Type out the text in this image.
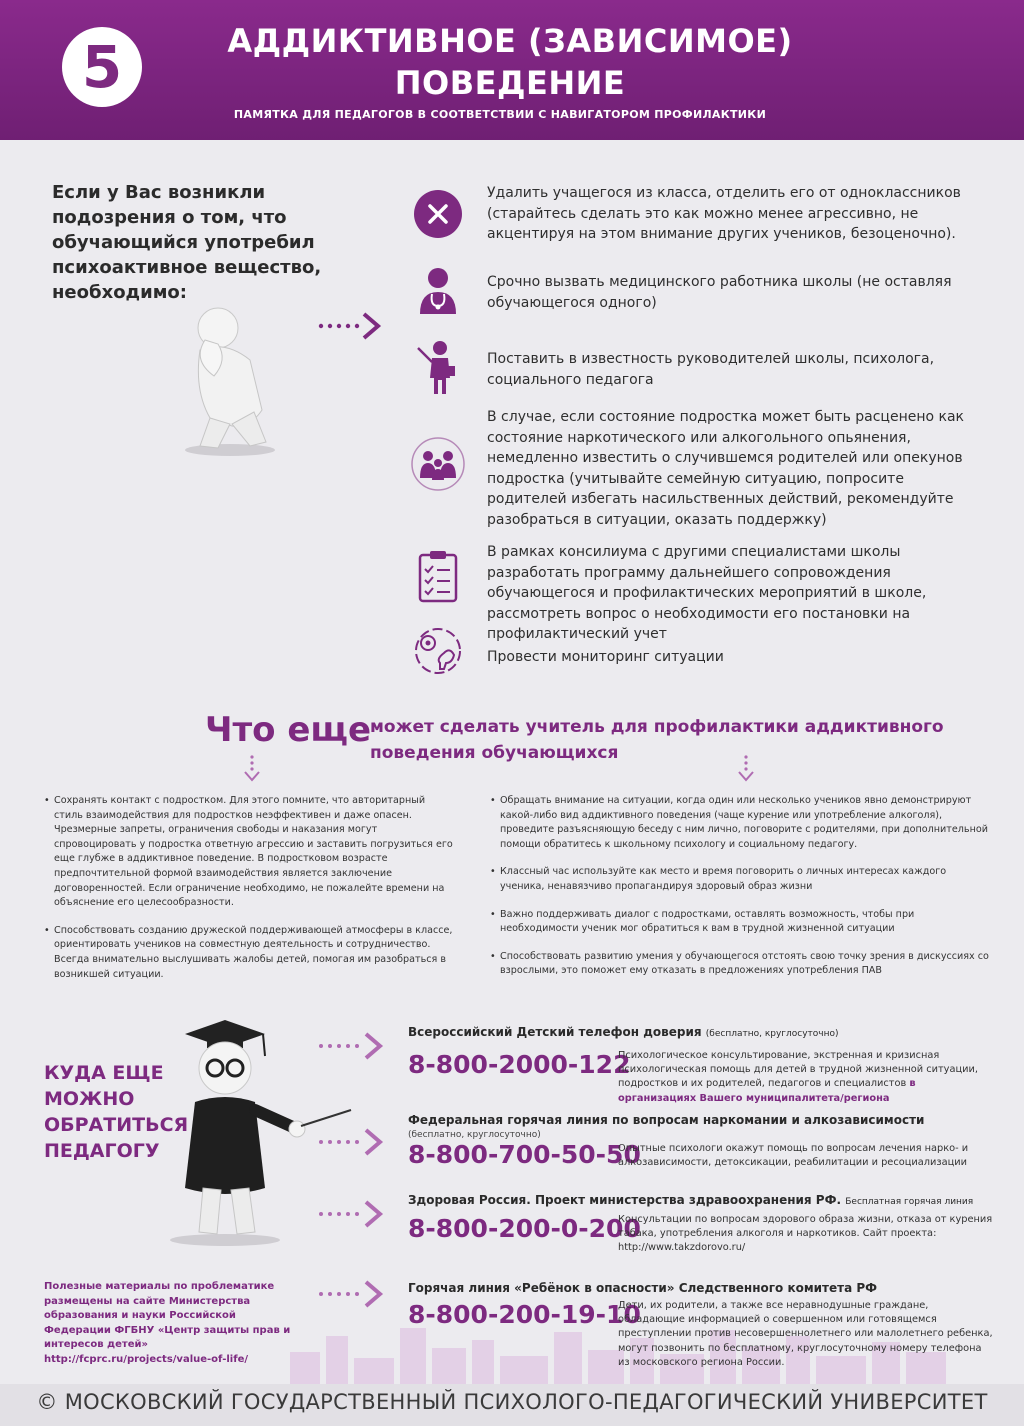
5	АДДИКТИВНОЕ (ЗАВИСИМОЕ)
ПОВЕДЕНИЕ
ПАМЯТКА ДЛЯ ПЕДАГОГОВ В СООТВЕТСТВИИ С НАВИГАТОРОМ ПРОФИЛАКТИКИ
Если у Вас возникли подозрения о том, что обучающийся употребил психоактивное вещество, необходимо:
Удалить учащегося из класса, отделить его от одноклассников (старайтесь сделать это как можно менее агрессивно, не акцентируя на этом внимание других учеников, безоценочно).
Срочно вызвать медицинского работника школы (не оставляя обучающегося одного)
Поставить в известность руководителей школы, психолога, социального педагога
В случае, если состояние подростка может быть расценено как состояние наркотического или алкогольного опьянения, немедленно известить о случившемся родителей или опекунов подростка (учитывайте семейную ситуацию, попросите родителей избегать насильственных действий, рекомендуйте разобраться в ситуации, оказать поддержку)
В рамках консилиума с другими специалистами школы разработать программу дальнейшего сопровождения обучающегося и профилактических мероприятий в школе, рассмотреть вопрос о необходимости его постановки на профилактический учет
Провести мониторинг ситуации
Что еще
может сделать учитель для профилактики аддиктивного поведения обучающихся
• Сохранять контакт с подростком. Для этого помните, что авторитарный стиль взаимодействия для подростков неэффективен и даже опасен. Чрезмерные запреты, ограничения свободы и наказания могут спровоцировать у подростка ответную агрессию и заставить погрузиться его еще глубже в аддиктивное поведение. В подростковом возрасте предпочтительной формой взаимодействия является заключение договоренностей. Если ограничение необходимо, не пожалейте времени на объяснение его целесообразности.
• Способствовать созданию дружеской поддерживающей атмосферы в классе, ориентировать учеников на совместную деятельность и сотрудничество. Всегда внимательно выслушивать жалобы детей, помогая им разобраться в возникшей ситуации.
• Обращать внимание на ситуации, когда один или несколько учеников явно демонстрируют какой-либо вид аддиктивного поведения (чаще курение или употребление алкоголя), проведите разъясняющую беседу с ним лично, поговорите с родителями, при дополнительной помощи обратитесь к школьному психологу и социальному педагогу.
• Классный час используйте как место и время поговорить о личных интересах каждого ученика, ненавязчиво пропагандируя здоровый образ жизни
• Важно поддерживать диалог с подростками, оставлять возможность, чтобы при необходимости ученик мог обратиться к вам в трудной жизненной ситуации
• Способствовать развитию умения у обучающегося отстоять свою точку зрения в дискуссиях со взрослыми, это поможет ему отказать в предложениях употребления ПАВ
КУДА ЕЩЕ МОЖНО ОБРАТИТЬСЯ ПЕДАГОГУ
Всероссийский Детский телефон доверия (бесплатно, круглосуточно)
8-800-2000-122
Психологическое консультирование, экстренная и кризисная психологическая помощь для детей в трудной жизненной ситуации, подростков и их родителей, педагогов и специалистов в организациях Вашего муниципалитета/региона
Федеральная горячая линия по вопросам наркомании и алкозависимости
(бесплатно, круглосуточно)
8-800-700-50-50
Опытные психологи окажут помощь по вопросам лечения нарко- и алкозависимости, детоксикации, реабилитации и ресоциализации
Здоровая Россия. Проект министерства здравоохранения РФ. Бесплатная горячая линия
8-800-200-0-200
Консультации по вопросам здорового образа жизни, отказа от курения табака, употребления алкоголя и наркотиков. Сайт проекта: http://www.takzdorovo.ru/
Горячая линия «Ребёнок в опасности» Следственного комитета РФ
8-800-200-19-10
Дети, их родители, а также все неравнодушные граждане, обладающие информацией о совершенном или готовящемся преступлении против несовершеннолетнего или малолетнего ребенка, могут позвонить по бесплатному, круглосуточному номеру телефона из московского региона России.
Полезные материалы по проблематике размещены на сайте Министерства образования и науки Российской Федерации ФГБНУ «Центр защиты прав и интересов детей» http://fcprc.ru/projects/value-of-life/
© МОСКОВСКИЙ ГОСУДАРСТВЕННЫЙ ПСИХОЛОГО-ПЕДАГОГИЧЕСКИЙ УНИВЕРСИТЕТ
